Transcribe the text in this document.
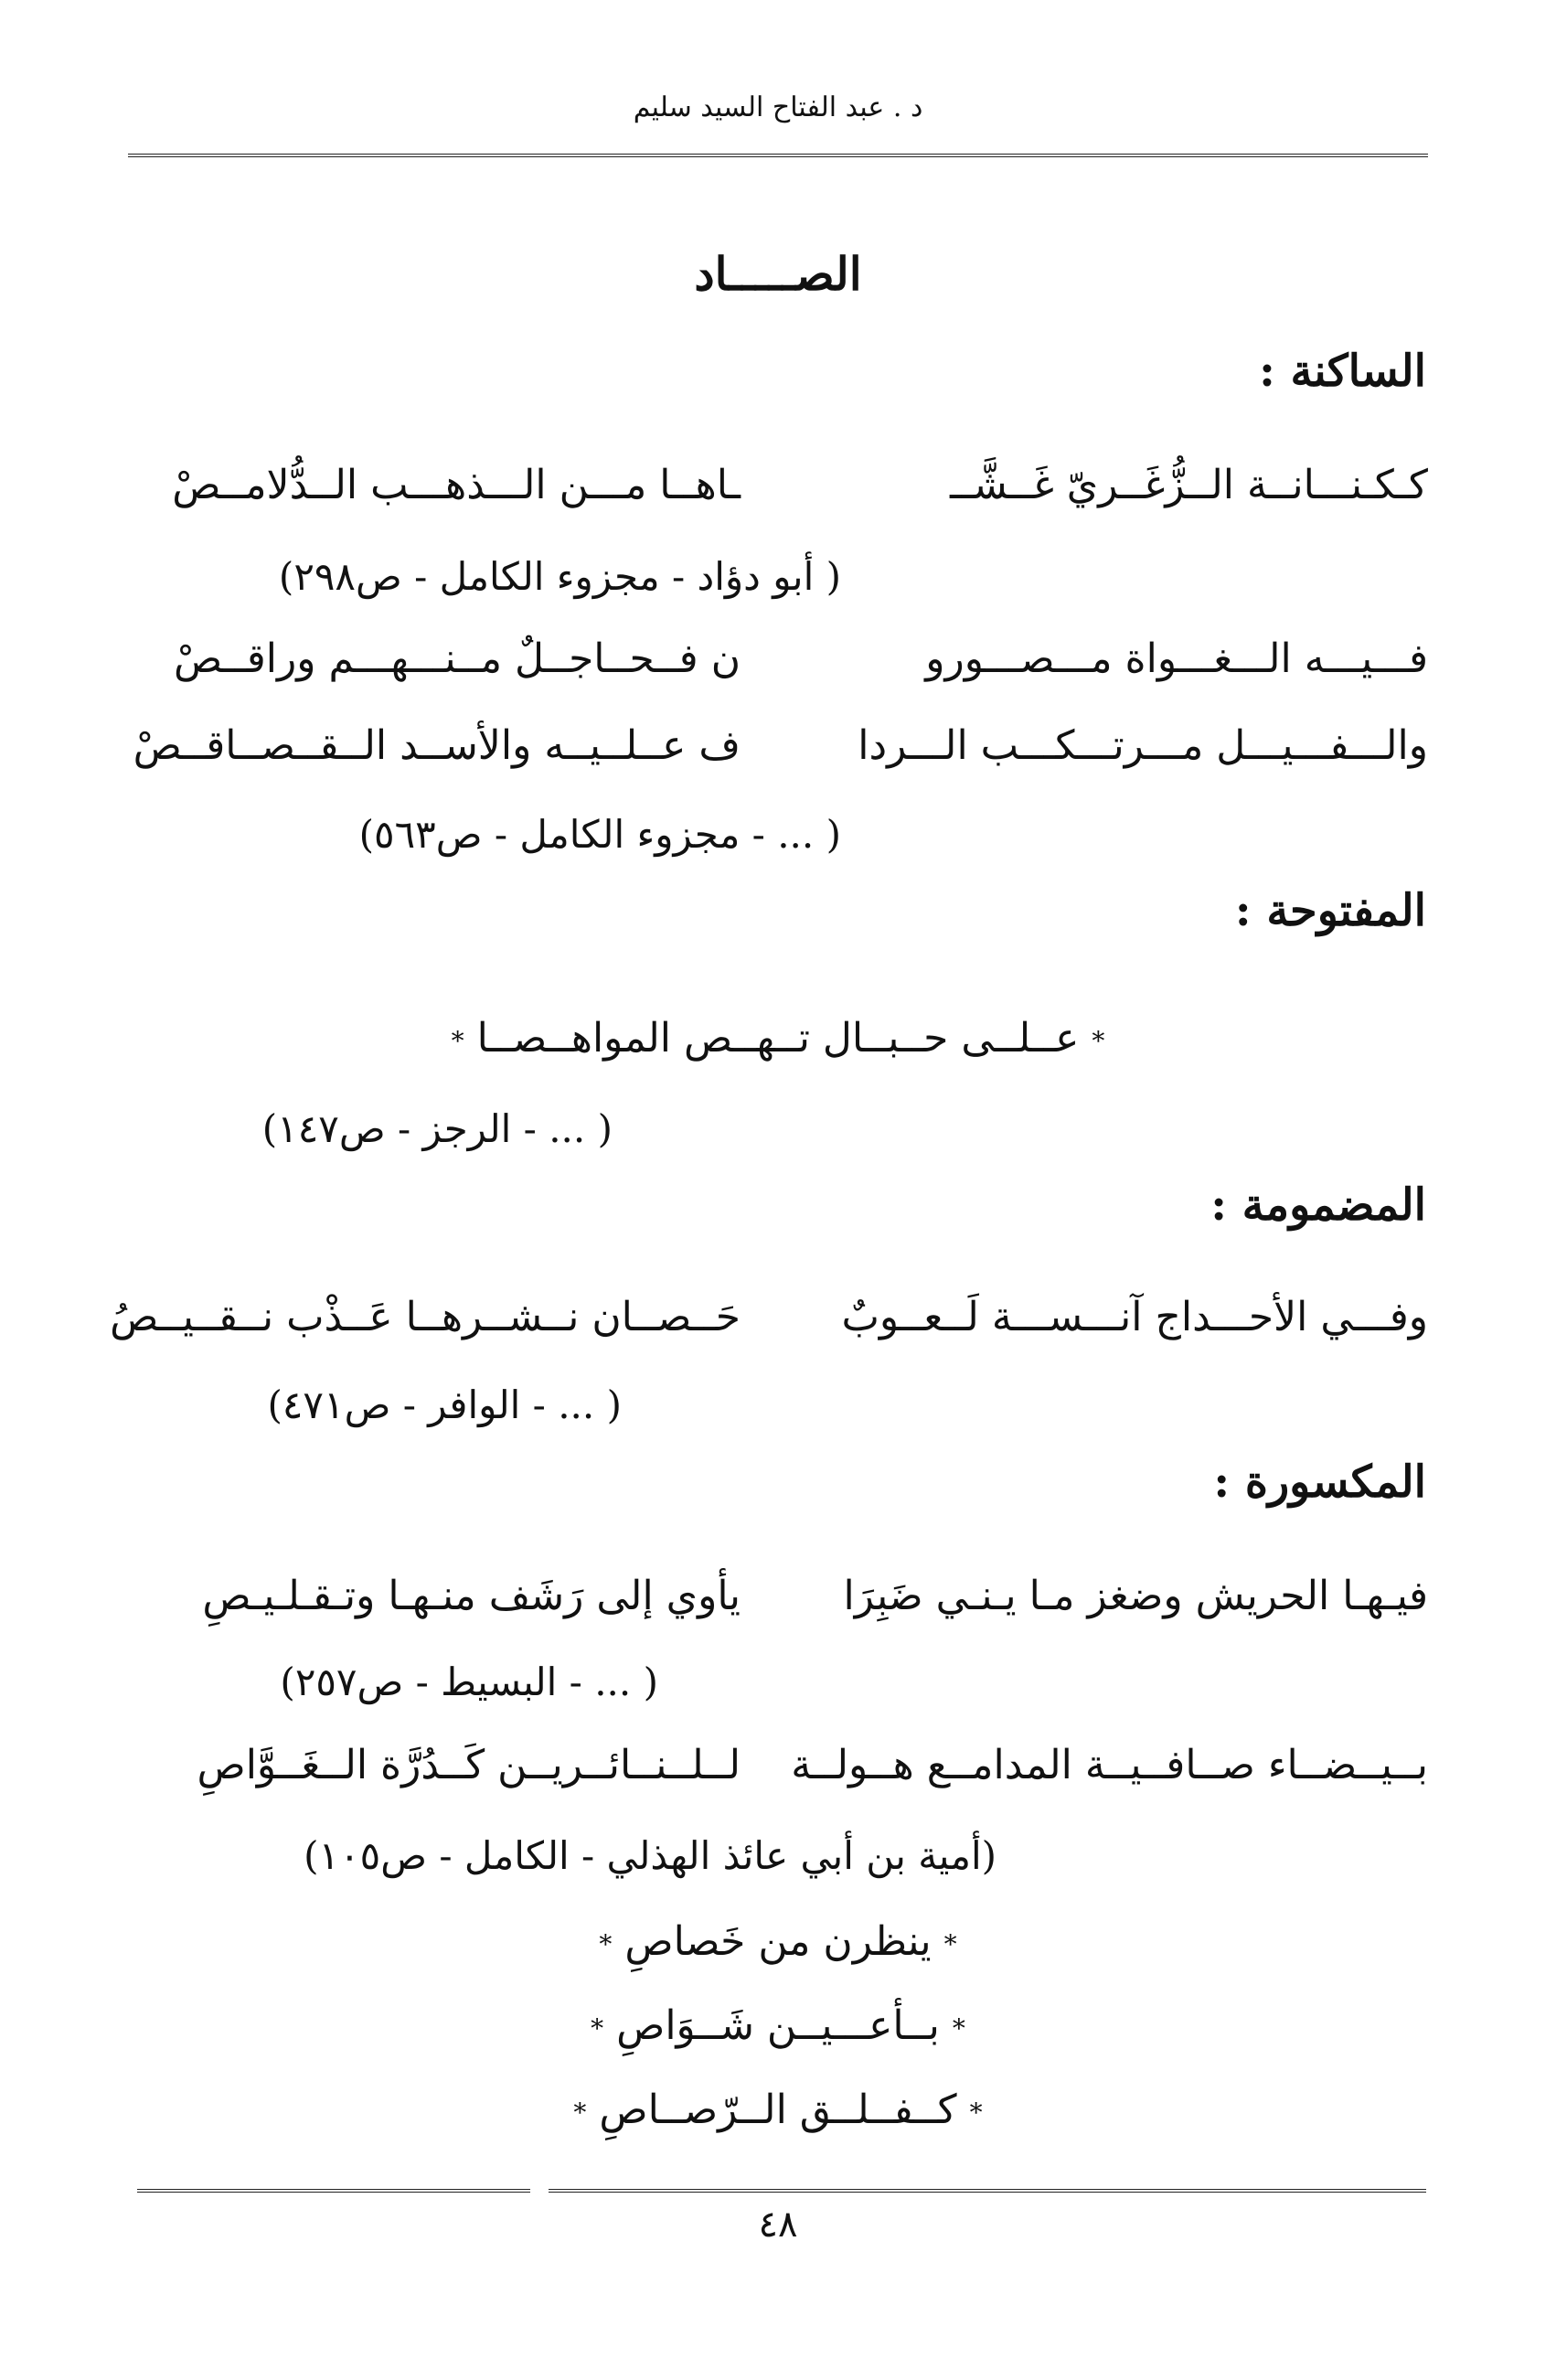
د . عبد الفتاح السيد سليم
الصـــــاد
الساكنة :
كـكـنـــانــة الــزُّغَــريّ غَــشَّــ
ـاهــا مـــن الـــذهـــب الــدُّلامــصْ
( أبو دؤاد - مجزوء الكامل - ص٢٩٨)
فـــيـــه الـــغـــواة مـــصـــورو
ن فــحــاجــلٌ مــنـــهـــم وراقــصْ
والـــفـــيـــل مـــرتـــكـــب الـــردا
ف عــلــيــه والأســد الــقــصــاقــصْ
( ... - مجزوء الكامل - ص٥٦٣)
المفتوحة :
* عــلــى حــبــال تــهــص المواهــصــا *
( ... - الرجز - ص١٤٧)
المضمومة :
وفـــي الأحـــداج آنـــســـة لَــعــوبٌ
حَــصــان نــشــرهــا عَــذْب نــقــيــصُ
( ... - الوافر - ص٤٧١)
المكسورة :
فيـهـا الحريش وضغز مـا يـنـي ضَبِرَا
يأوي إلى رَشَف منـهـا وتـقـلـيـصِ
( ... - البسيط - ص٢٥٧)
بــيــضــاء صــافــيــة المدامــع هــولــة
لــلــنــائــريــن كَــدُرَّة الــغَــوَّاصِ
(أمية بن أبي عائذ الهذلي - الكامل - ص١٠٥)
* ينظرن من خَصاصِ *
* بــأعـــيــن شَــوَاصِ *
* كــفــلــق الــرّصــاصِ *
٤٨
